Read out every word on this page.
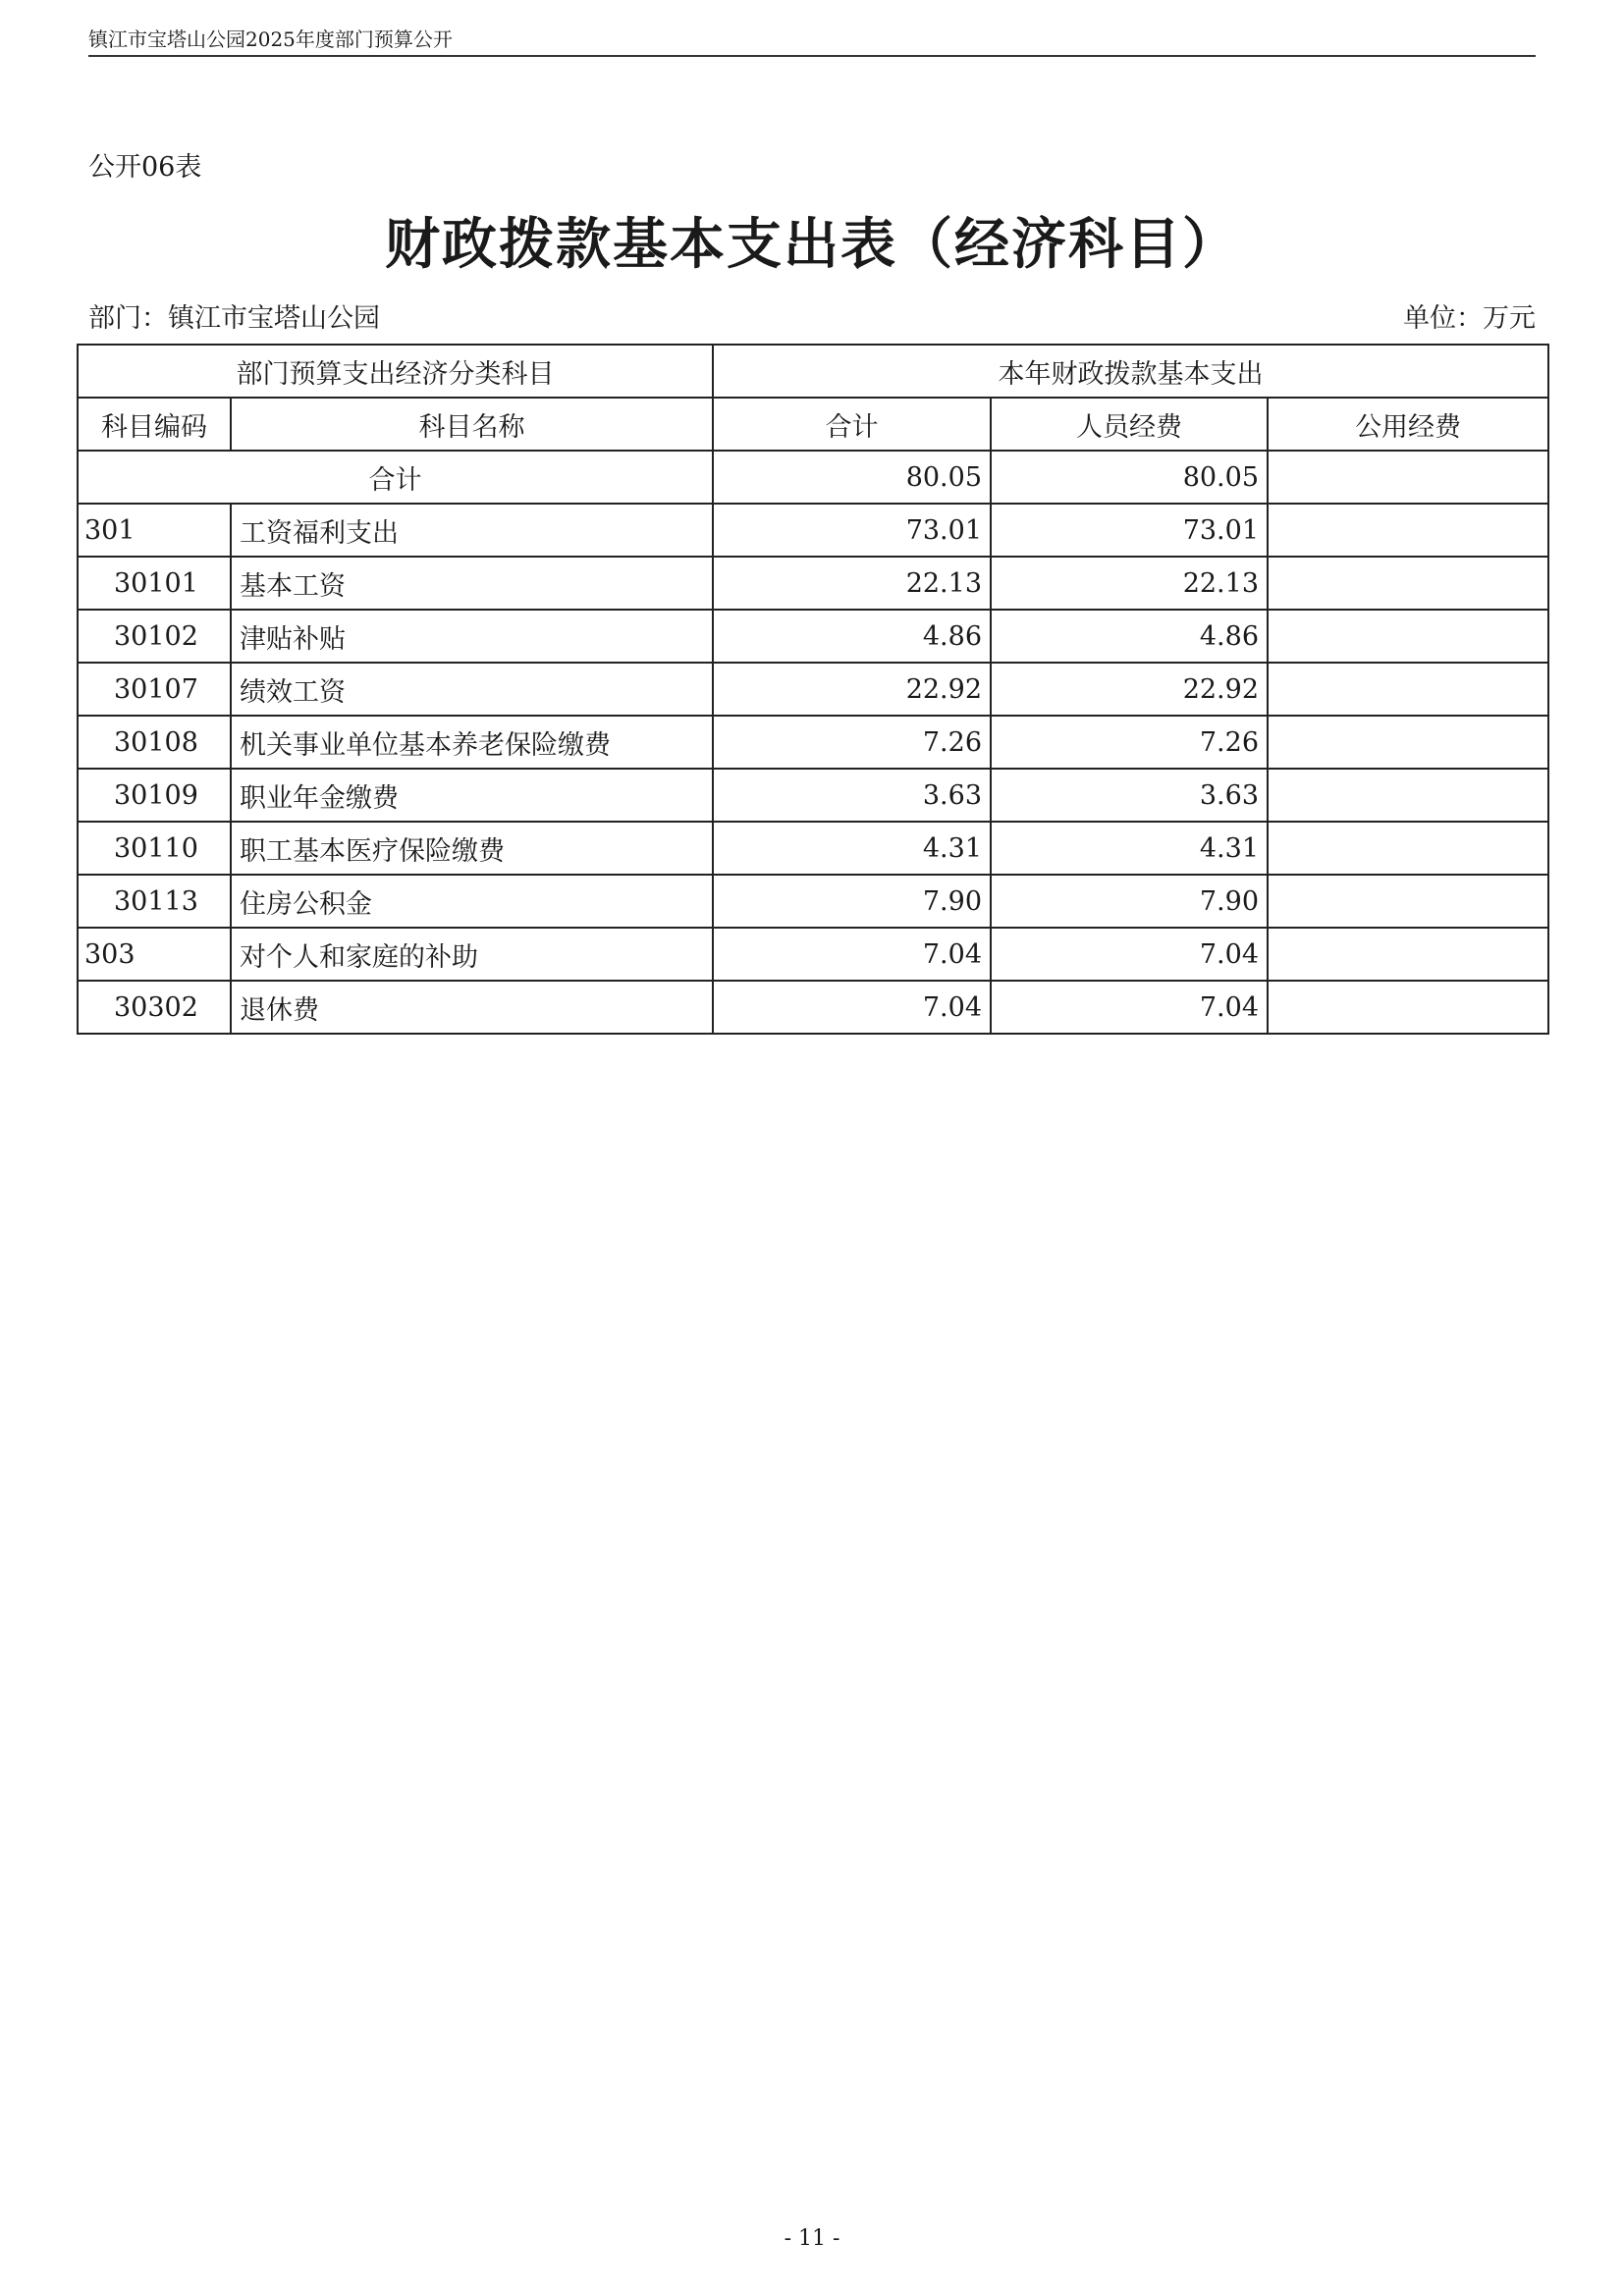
镇江市宝塔山公园2025年度部门预算公开
公开06表
财政拨款基本支出表（经济科目）
部门：镇江市宝塔山公园	单位：万元
部门预算支出经济分类科目		本年财政拨款基本支出		
科目编码	科目名称	合计	人员经费	公用经费
合计		80.05	80.05	
301	工资福利支出	73.01	73.01	
30101	基本工资	22.13	22.13	
30102	津贴补贴	4.86	4.86	
30107	绩效工资	22.92	22.92	
30108	机关事业单位基本养老保险缴费	7.26	7.26	
30109	职业年金缴费	3.63	3.63	
30110	职工基本医疗保险缴费	4.31	4.31	
30113	住房公积金	7.90	7.90	
303	对个人和家庭的补助	7.04	7.04	
30302	退休费	7.04	7.04	
- 11 -
